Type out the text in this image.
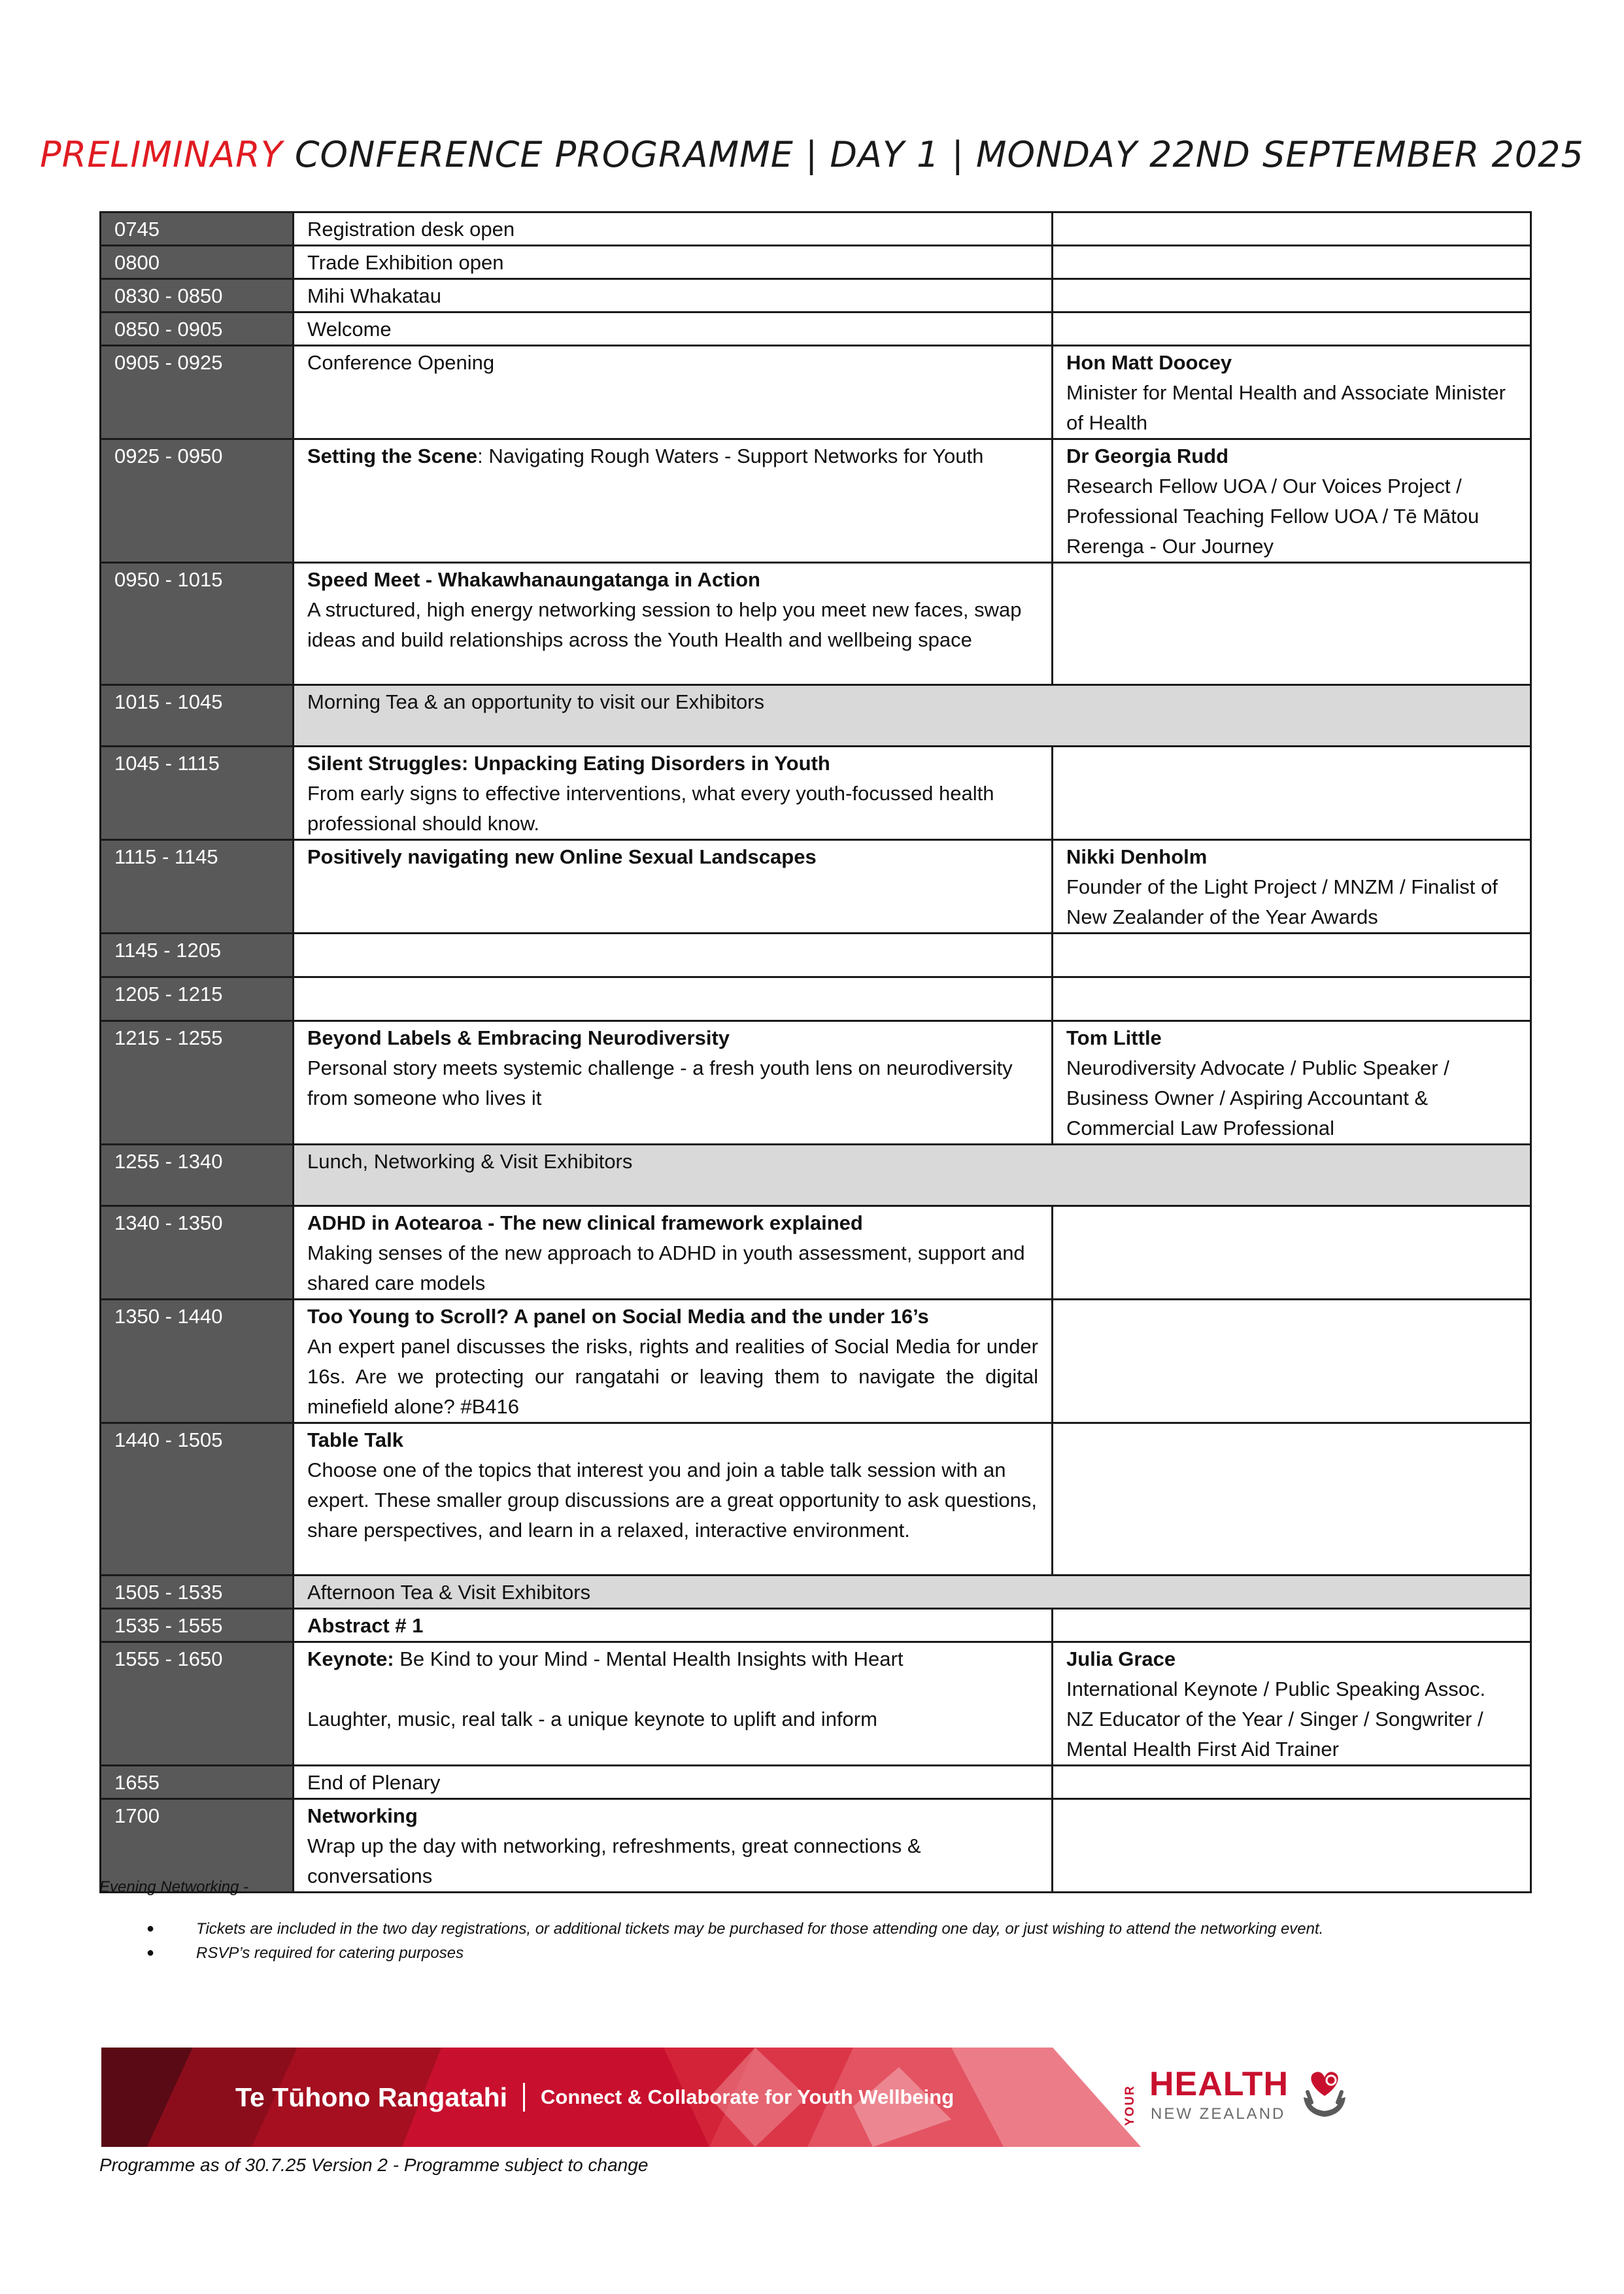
PRELIMINARY CONFERENCE PROGRAMME | DAY 1 | MONDAY 22ND SEPTEMBER 2025
0745	Registration desk open	
0800	Trade Exhibition open	
0830 - 0850	Mihi Whakatau	
0850 - 0905	Welcome	
0905 - 0925	Conference Opening	Hon Matt Doocey
Minister for Mental Health and Associate Minister of Health
0925 - 0950	Setting the Scene: Navigating Rough Waters - Support Networks for Youth	Dr Georgia Rudd
Research Fellow UOA / Our Voices Project / Professional Teaching Fellow UOA / Tē Mātou Rerenga - Our Journey
0950 - 1015	Speed Meet - Whakawhanaungatanga in Action
A structured, high energy networking session to help you meet new faces, swap ideas and build relationships across the Youth Health and wellbeing space	
1015 - 1045	Morning Tea & an opportunity to visit our Exhibitors	
1045 - 1115	Silent Struggles: Unpacking Eating Disorders in Youth
From early signs to effective interventions, what every youth-focussed health professional should know.	
1115 - 1145	Positively navigating new Online Sexual Landscapes	Nikki Denholm
Founder of the Light Project / MNZM / Finalist of New Zealander of the Year Awards
1145 - 1205		
1205 - 1215		
1215 - 1255	Beyond Labels & Embracing Neurodiversity
Personal story meets systemic challenge - a fresh youth lens on neurodiversity from someone who lives it	Tom Little
Neurodiversity Advocate / Public Speaker / Business Owner / Aspiring Accountant & Commercial Law Professional
1255 - 1340	Lunch, Networking & Visit Exhibitors	
1340 - 1350	ADHD in Aotearoa - The new clinical framework explained
Making senses of the new approach to ADHD in youth assessment, support and shared care models	
1350 - 1440	Too Young to Scroll? A panel on Social Media and the under 16’s
An expert panel discusses the risks, rights and realities of Social Media for under 16s. Are we protecting our rangatahi or leaving them to navigate the digital minefield alone? #B416	
1440 - 1505	Table Talk
Choose one of the topics that interest you and join a table talk session with an expert. These smaller group discussions are a great opportunity to ask questions, share perspectives, and learn in a relaxed, interactive environment.	
1505 - 1535	Afternoon Tea & Visit Exhibitors	
1535 - 1555	Abstract # 1	
1555 - 1650	Keynote: Be Kind to your Mind - Mental Health Insights with Heart

Laughter, music, real talk - a unique keynote to uplift and inform	Julia Grace
International Keynote / Public Speaking Assoc. NZ Educator of the Year / Singer / Songwriter / Mental Health First Aid Trainer
1655	End of Plenary	
1700	Networking
Wrap up the day with networking, refreshments, great connections & conversations	
Evening Networking -
● Tickets are included in the two day registrations, or additional tickets may be purchased for those attending one day, or just wishing to attend the networking event.
● RSVP’s required for catering purposes
Te Tūhono Rangatahi Connect & Collaborate for Youth Wellbeing	YOUR
HEALTH
NEW ZEALAND
Programme as of 30.7.25 Version 2 - Programme subject to change
